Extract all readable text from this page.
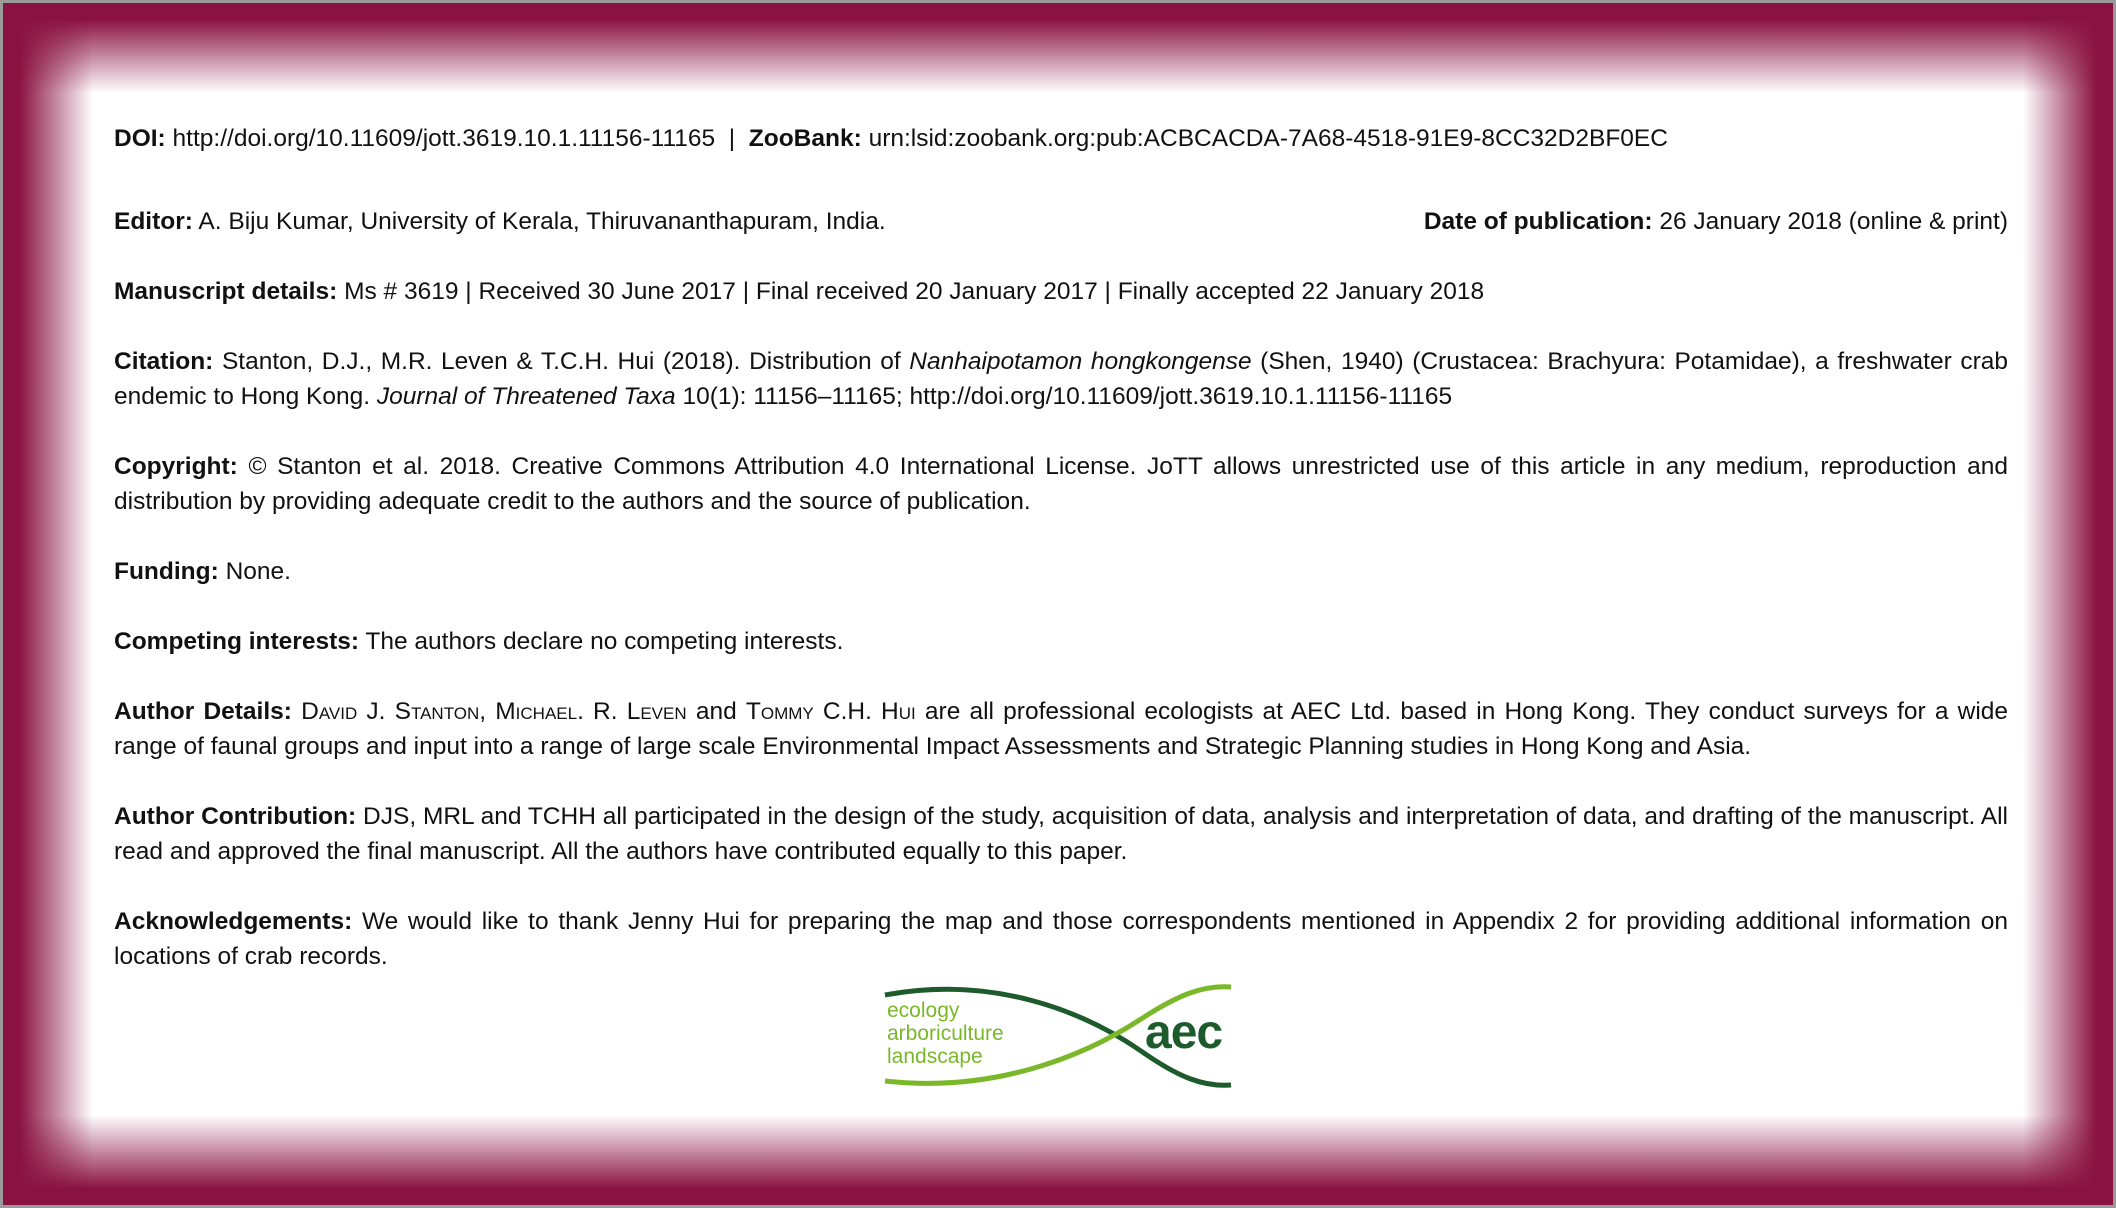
DOI: http://doi.org/10.11609/jott.3619.10.1.11156-11165 | ZooBank: urn:lsid:zoobank.org:pub:ACBCACDA-7A68-4518-91E9-8CC32D2BF0EC
Editor: A. Biju Kumar, University of Kerala, Thiruvananthapuram, India.	Date of publication: 26 January 2018 (online & print)
Manuscript details: Ms # 3619 | Received 30 June 2017 | Final received 20 January 2017 | Finally accepted 22 January 2018
Citation: Stanton, D.J., M.R. Leven & T.C.H. Hui (2018). Distribution of Nanhaipotamon hongkongense (Shen, 1940) (Crustacea: Brachyura: Potamidae), a freshwater crab endemic to Hong Kong. Journal of Threatened Taxa 10(1): 11156–11165; http://doi.org/10.11609/jott.3619.10.1.11156-11165
Copyright: © Stanton et al. 2018. Creative Commons Attribution 4.0 International License. JoTT allows unrestricted use of this article in any medium, reproduction and distribution by providing adequate credit to the authors and the source of publication.
Funding: None.
Competing interests: The authors declare no competing interests.
Author Details: David J. Stanton, Michael. R. Leven and Tommy C.H. Hui are all professional ecologists at AEC Ltd. based in Hong Kong. They conduct surveys for a wide range of faunal groups and input into a range of large scale Environmental Impact Assessments and Strategic Planning studies in Hong Kong and Asia.
Author Contribution: DJS, MRL and TCHH all participated in the design of the study, acquisition of data, analysis and interpretation of data, and drafting of the manuscript. All read and approved the final manuscript. All the authors have contributed equally to this paper.
Acknowledgements: We would like to thank Jenny Hui for preparing the map and those correspondents mentioned in Appendix 2 for providing additional information on locations of crab records.
ecology
arboriculture
landscape	aec
